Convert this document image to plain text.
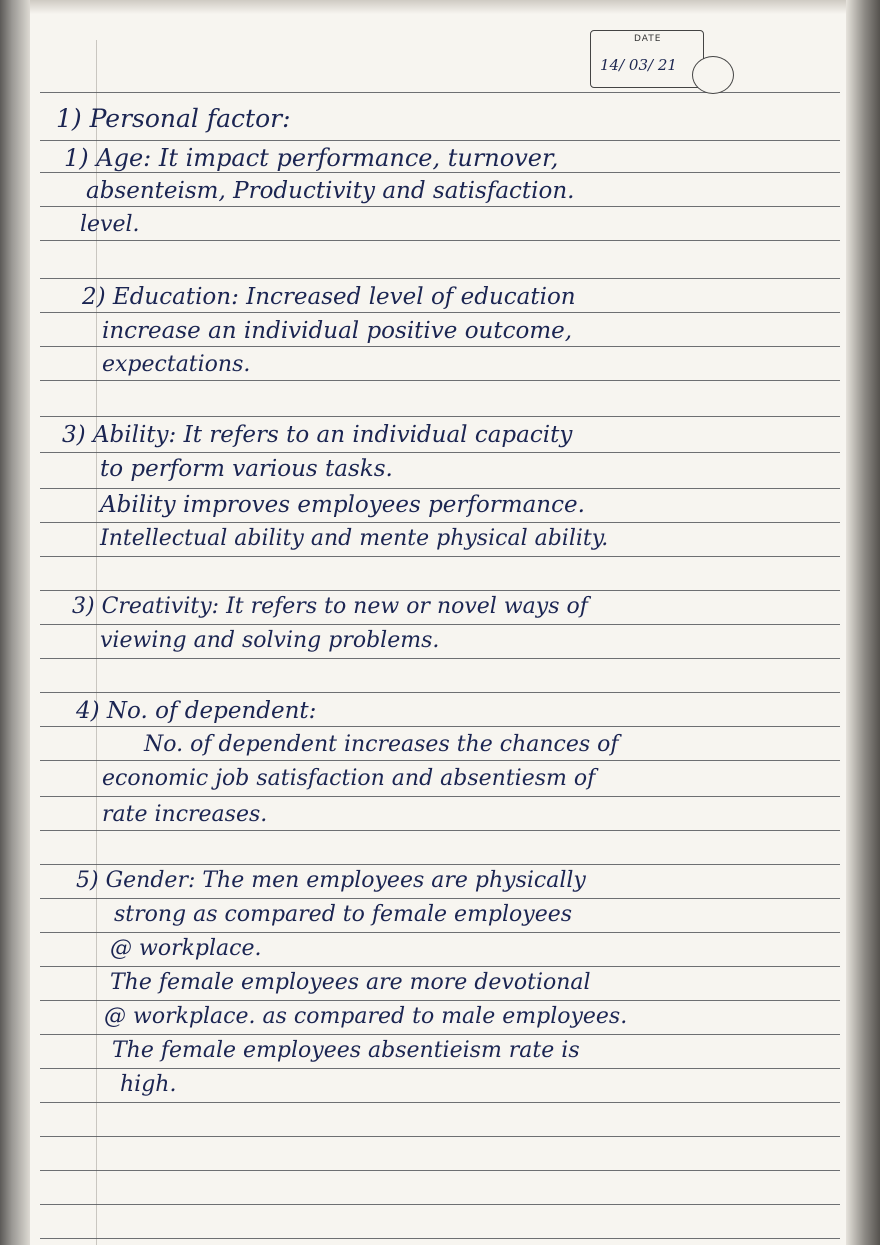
DATE
14/ 03/ 21
1) Personal factor:
1) Age: It impact performance, turnover,
absenteism, Productivity and satisfaction.
level.
2) Education: Increased level of education
increase an individual positive outcome,
expectations.
3) Ability: It refers to an individual capacity
to perform various tasks.
Ability improves employees performance.
Intellectual ability and mente physical ability.
3) Creativity: It refers to new or novel ways of
viewing and solving problems.
4) No. of dependent:
No. of dependent increases the chances of
economic job satisfaction and absentiesm of
rate increases.
5) Gender: The men employees are physically
strong as compared to female employees
@ workplace.
The female employees are more devotional
@ workplace. as compared to male employees.
The female employees absentieism rate is
high.
